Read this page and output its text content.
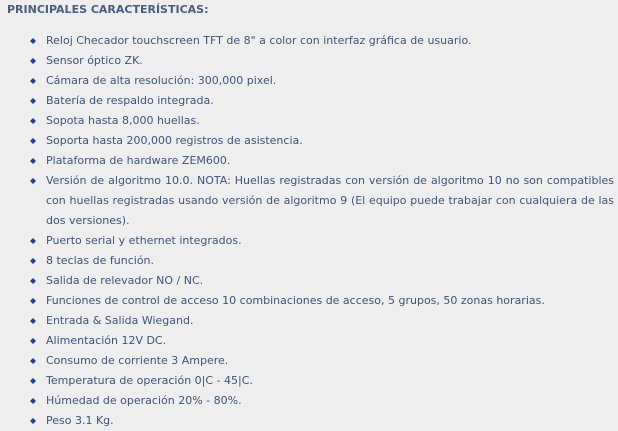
PRINCIPALES CARACTERÍSTICAS:
Reloj Checador touchscreen TFT de 8" a color con interfaz gráfica de usuario.
Sensor óptico ZK.
Cámara de alta resolución: 300,000 pixel.
Batería de respaldo integrada.
Sopota hasta 8,000 huellas.
Soporta hasta 200,000 registros de asistencia.
Plataforma de hardware ZEM600.
Versión de algoritmo 10.0. NOTA: Huellas registradas con versión de algoritmo 10 no son compatibles con huellas registradas usando versión de algoritmo 9 (El equipo puede trabajar con cualquiera de las dos versiones).
Puerto serial y ethernet integrados.
8 teclas de función.
Salida de relevador NO / NC.
Funciones de control de acceso 10 combinaciones de acceso, 5 grupos, 50 zonas horarias.
Entrada & Salida Wiegand.
Alimentación 12V DC.
Consumo de corriente 3 Ampere.
Temperatura de operación 0|C - 45|C.
Húmedad de operación 20% - 80%.
Peso 3.1 Kg.
